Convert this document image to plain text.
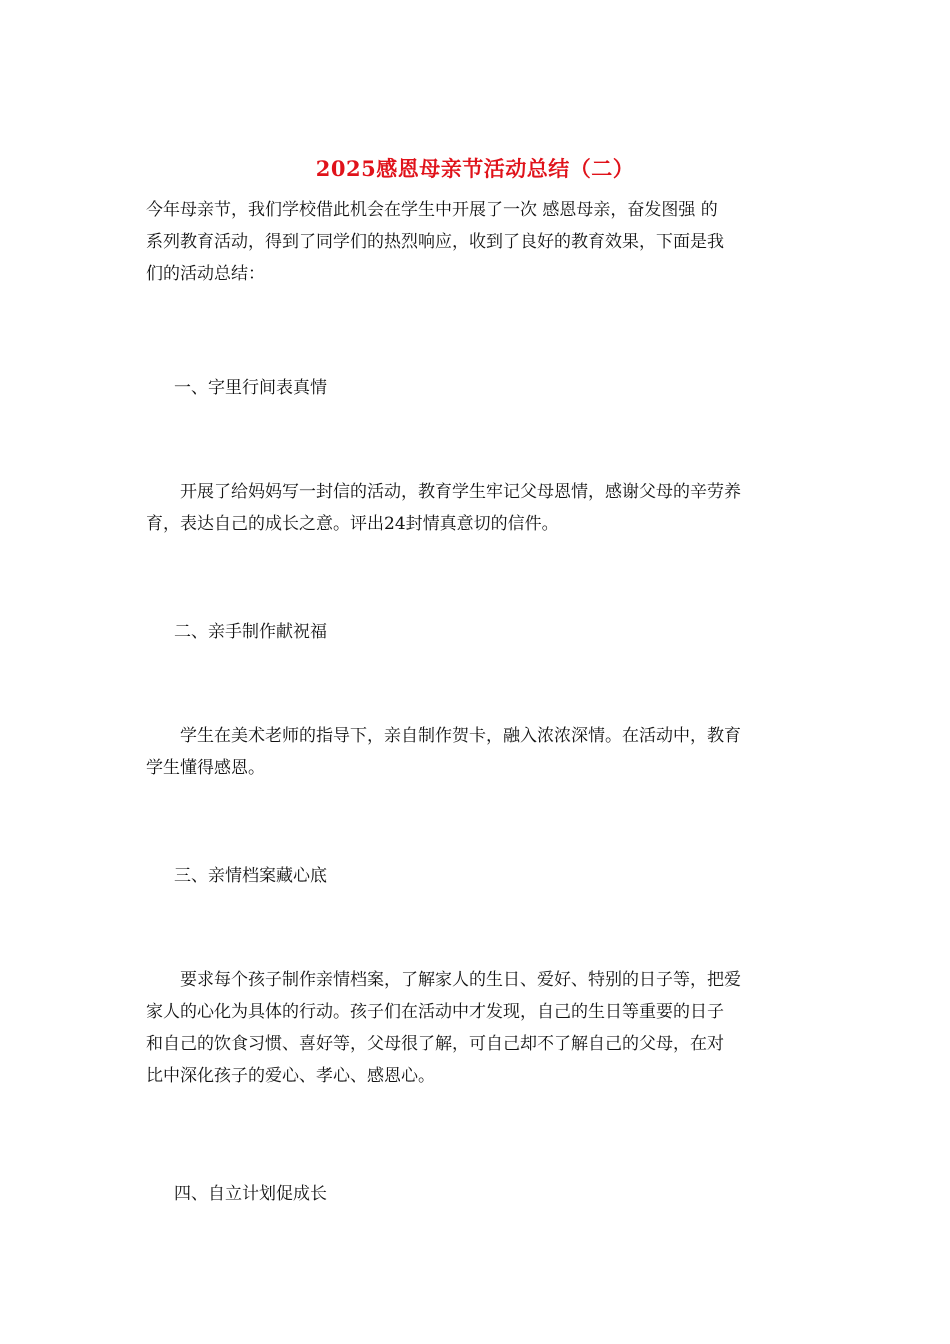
2025感恩母亲节活动总结（二）

今年母亲节，我们学校借此机会在学生中开展了一次 感恩母亲，奋发图强 的
系列教育活动，得到了同学们的热烈响应，收到了良好的教育效果，下面是我
们的活动总结：

一、字里行间表真情

　　开展了给妈妈写一封信的活动，教育学生牢记父母恩情，感谢父母的辛劳养
育，表达自己的成长之意。评出24封情真意切的信件。

二、亲手制作献祝福

　　学生在美术老师的指导下，亲自制作贺卡，融入浓浓深情。在活动中，教育
学生懂得感恩。

三、亲情档案藏心底

　　要求每个孩子制作亲情档案，了解家人的生日、爱好、特别的日子等，把爱
家人的心化为具体的行动。孩子们在活动中才发现，自己的生日等重要的日子
和自己的饮食习惯、喜好等，父母很了解，可自己却不了解自己的父母，在对
比中深化孩子的爱心、孝心、感恩心。

四、自立计划促成长
